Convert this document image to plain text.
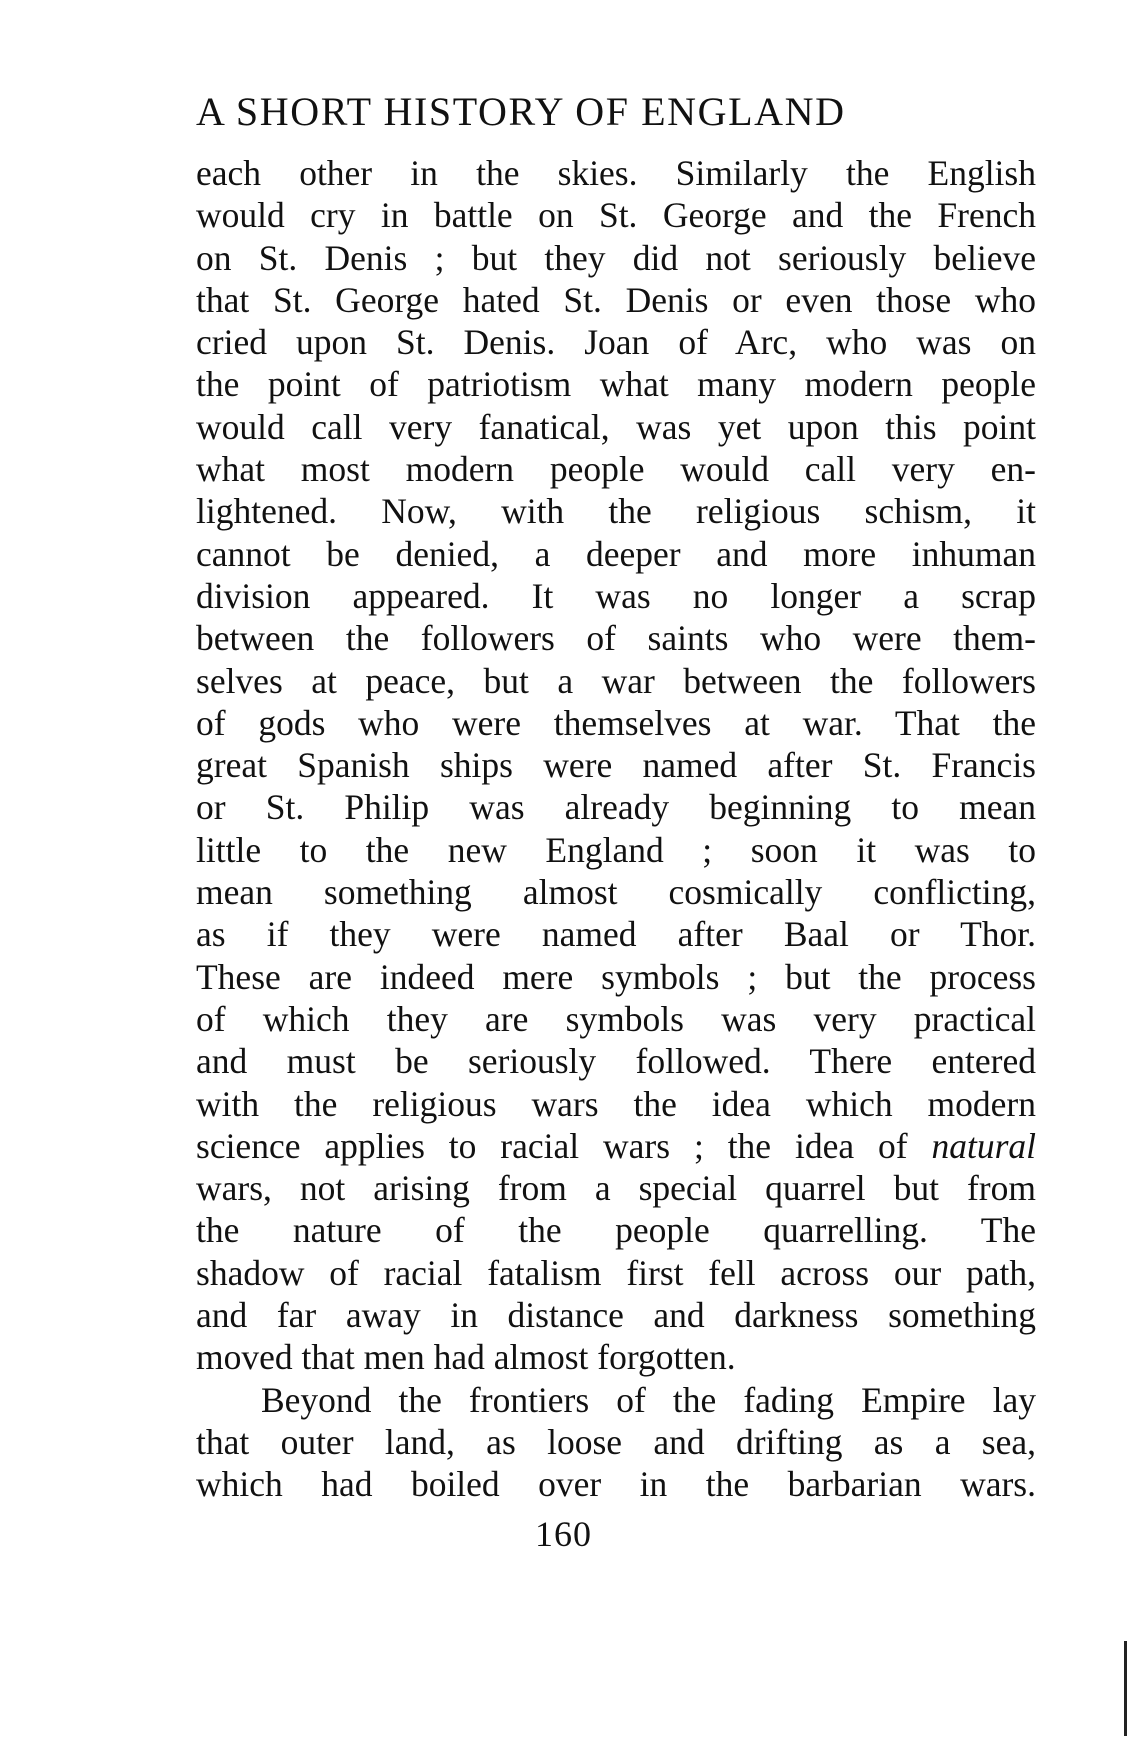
A SHORT HISTORY OF ENGLAND
each other in the skies. Similarly the English
would cry in battle on St. George and the French
on St. Denis ; but they did not seriously believe
that St. George hated St. Denis or even those who
cried upon St. Denis. Joan of Arc, who was on
the point of patriotism what many modern people
would call very fanatical, was yet upon this point
what most modern people would call very en-
lightened. Now, with the religious schism, it
cannot be denied, a deeper and more inhuman
division appeared. It was no longer a scrap
between the followers of saints who were them-
selves at peace, but a war between the followers
of gods who were themselves at war. That the
great Spanish ships were named after St. Francis
or St. Philip was already beginning to mean
little to the new England ; soon it was to
mean something almost cosmically conflicting,
as if they were named after Baal or Thor.
These are indeed mere symbols ; but the process
of which they are symbols was very practical
and must be seriously followed. There entered
with the religious wars the idea which modern
science applies to racial wars ; the idea of natural
wars, not arising from a special quarrel but from
the nature of the people quarrelling. The
shadow of racial fatalism first fell across our path,
and far away in distance and darkness something
moved that men had almost forgotten.
Beyond the frontiers of the fading Empire lay
that outer land, as loose and drifting as a sea,
which had boiled over in the barbarian wars.
160
